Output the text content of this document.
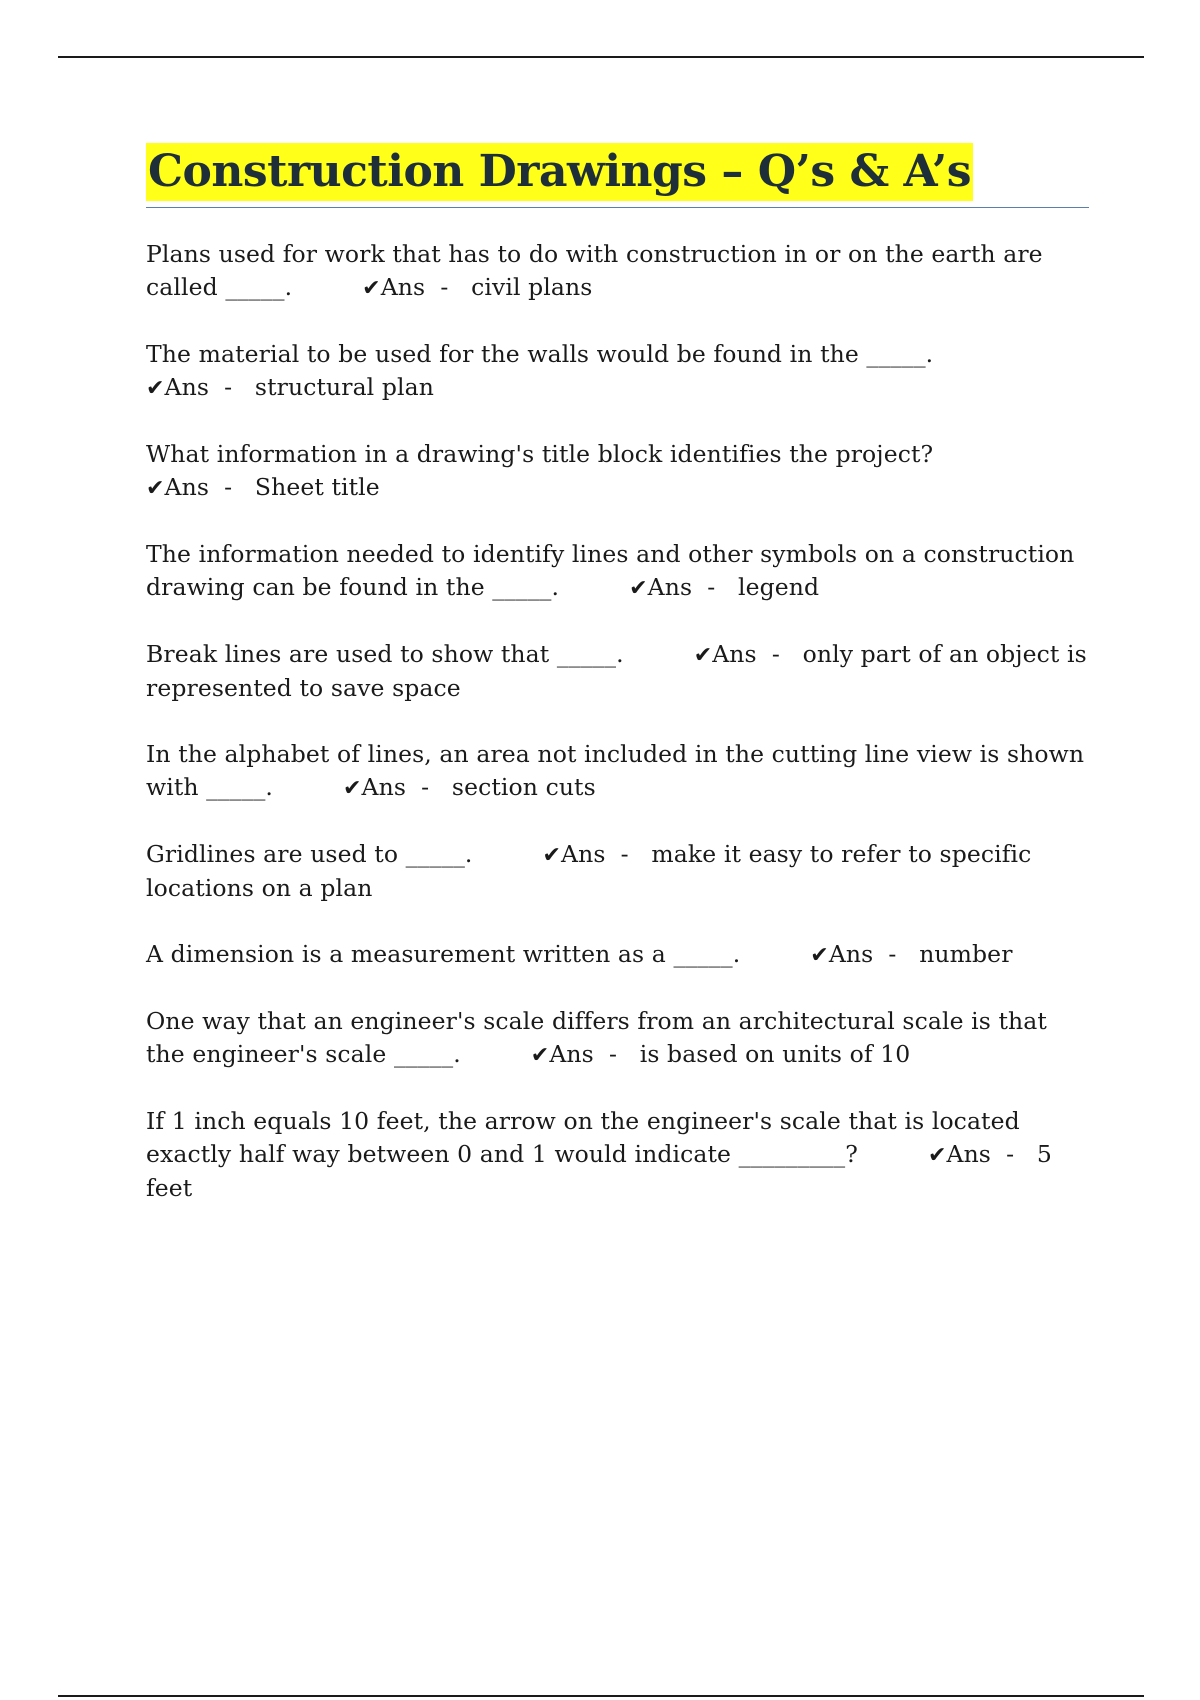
Construction Drawings – Q’s & A’s

Plans used for work that has to do with construction in or on the earth are called _____.	✔Ans - civil plans

The material to be used for the walls would be found in the _____.✔Ans - structural plan

What information in a drawing's title block identifies the project?✔Ans - Sheet title

The information needed to identify lines and other symbols on a construction drawing can be found in the _____.	✔Ans - legend

Break lines are used to show that _____.	✔Ans - only part of an object is represented to save space

In the alphabet of lines, an area not included in the cutting line view is shown with _____.	✔Ans - section cuts

Gridlines are used to _____.	✔Ans - make it easy to refer to specific locations on a plan

A dimension is a measurement written as a _____.	✔Ans - number

One way that an engineer's scale differs from an architectural scale is that the engineer's scale _____.	✔Ans - is based on units of 10

If 1 inch equals 10 feet, the arrow on the engineer's scale that is located exactly half way between 0 and 1 would indicate _________?	✔Ans - 5 feet
